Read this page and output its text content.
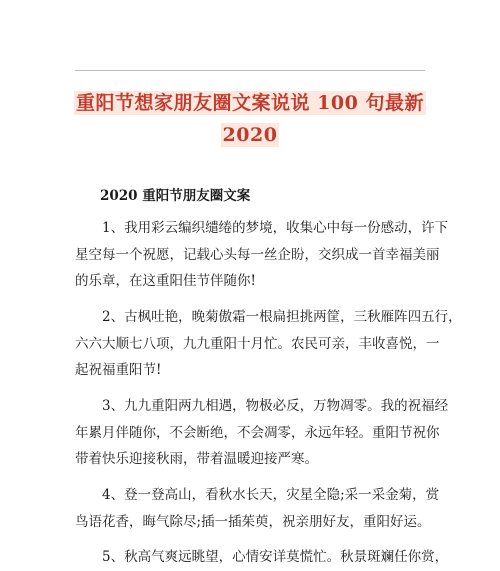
重阳节想家朋友圈文案说说 100 句最新
2020
2020 重阳节朋友圈文案
1、我用彩云编织缱绻的梦境，收集心中每一份感动，许下
星空每一个祝愿，记载心头每一丝企盼，交织成一首幸福美丽
的乐章，在这重阳佳节伴随你!
2、古枫吐艳，晚菊傲霜一根扁担挑两筐，三秋雁阵四五行，
六六大顺七八项，九九重阳十月忙。农民可亲，丰收喜悦，一
起祝福重阳节!
3、九九重阳两九相遇，物极必反，万物凋零。我的祝福经
年累月伴随你，不会断绝，不会凋零，永远年轻。重阳节祝你
带着快乐迎接秋雨，带着温暖迎接严寒。
4、登一登高山，看秋水长天，灾星全隐;采一采金菊，赏
鸟语花香，晦气除尽;插一插茱萸，祝亲朋好友，重阳好运。
5、秋高气爽远眺望，心情安详莫慌忙。秋景斑斓任你赏，
